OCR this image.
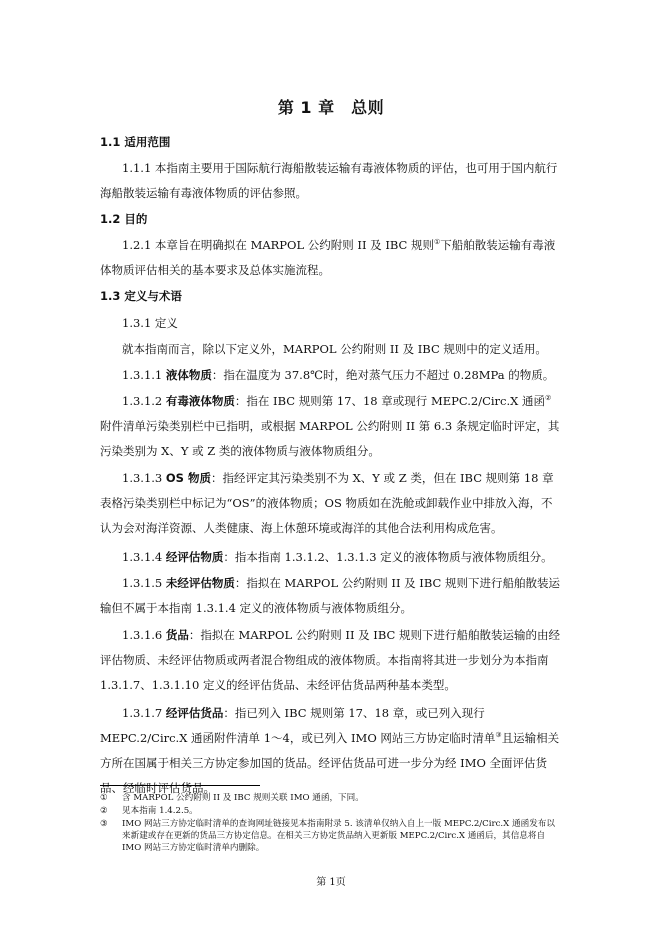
第 1 章　总则
1.1 适用范围
1.1.1 本指南主要用于国际航行海船散装运输有毒液体物质的评估，也可用于国内航行海船散装运输有毒液体物质的评估参照。
1.2 目的
1.2.1 本章旨在明确拟在 MARPOL 公约附则 II 及 IBC 规则①下船舶散装运输有毒液体物质评估相关的基本要求及总体实施流程。
1.3 定义与术语
1.3.1 定义
就本指南而言，除以下定义外，MARPOL 公约附则 II 及 IBC 规则中的定义适用。
1.3.1.1 液体物质：指在温度为 37.8℃时，绝对蒸气压力不超过 0.28MPa 的物质。
1.3.1.2 有毒液体物质：指在 IBC 规则第 17、18 章或现行 MEPC.2/Circ.X 通函②附件清单污染类别栏中已指明，或根据 MARPOL 公约附则 II 第 6.3 条规定临时评定，其污染类别为 X、Y 或 Z 类的液体物质与液体物质组分。
1.3.1.3 OS 物质：指经评定其污染类别不为 X、Y 或 Z 类，但在 IBC 规则第 18 章表格污染类别栏中标记为“OS”的液体物质；OS 物质如在洗舱或卸载作业中排放入海，不认为会对海洋资源、人类健康、海上休憩环境或海洋的其他合法利用构成危害。
1.3.1.4 经评估物质：指本指南 1.3.1.2、1.3.1.3 定义的液体物质与液体物质组分。
1.3.1.5 未经评估物质：指拟在 MARPOL 公约附则 II 及 IBC 规则下进行船舶散装运输但不属于本指南 1.3.1.4 定义的液体物质与液体物质组分。
1.3.1.6 货品：指拟在 MARPOL 公约附则 II 及 IBC 规则下进行船舶散装运输的由经评估物质、未经评估物质或两者混合物组成的液体物质。本指南将其进一步划分为本指南 1.3.1.7、1.3.1.10 定义的经评估货品、未经评估货品两种基本类型。
1.3.1.7 经评估货品：指已列入 IBC 规则第 17、18 章，或已列入现行 MEPC.2/Circ.X 通函附件清单 1～4，或已列入 IMO 网站三方协定临时清单③且运输相关方所在国属于相关三方协定参加国的货品。经评估货品可进一步分为经 IMO 全面评估货品、经临时评估货品。
①	含 MARPOL 公约附则 II 及 IBC 规则关联 IMO 通函，下同。
②	见本指南 1.4.2.5。
③	IMO 网站三方协定临时清单的查询网址链接见本指南附录 5. 该清单仅纳入自上一版 MEPC.2/Circ.X 通函发布以来新建或存在更新的货品三方协定信息。在相关三方协定货品纳入更新版 MEPC.2/Circ.X 通函后，其信息将自 IMO 网站三方协定临时清单内删除。
第 1页
